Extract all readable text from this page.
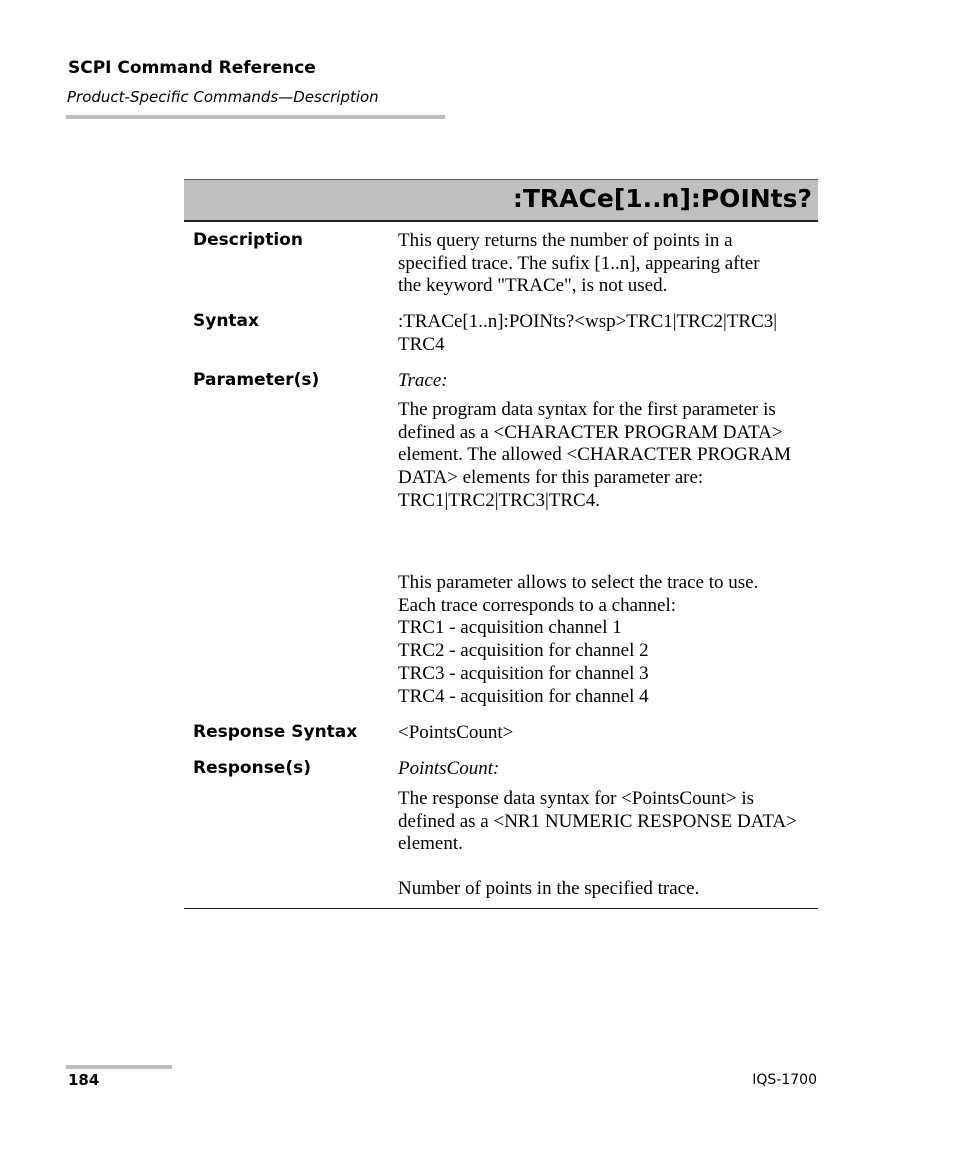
SCPI Command Reference
Product-Specific Commands—Description
:TRACe[1..n]:POINts?
Description	This query returns the number of points in a

specified trace. The sufix [1..n], appearing after

the keyword "TRACe", is not used.

Syntax	:TRACe[1..n]:POINts?<wsp>TRC1|TRC2|TRC3|

TRC4

Parameter(s)	Trace:

The program data syntax for the first parameter is

defined as a <CHARACTER PROGRAM DATA>

element. The allowed <CHARACTER PROGRAM

DATA> elements for this parameter are:

TRC1|TRC2|TRC3|TRC4.

This parameter allows to select the trace to use.

Each trace corresponds to a channel:

TRC1 - acquisition channel 1

TRC2 - acquisition for channel 2

TRC3 - acquisition for channel 3

TRC4 - acquisition for channel 4

Response Syntax <PointsCount>
Response(s)	PointsCount:

The response data syntax for <PointsCount> is

defined as a <NR1 NUMERIC RESPONSE DATA>

element.

Number of points in the specified trace.
184	IQS-1700
